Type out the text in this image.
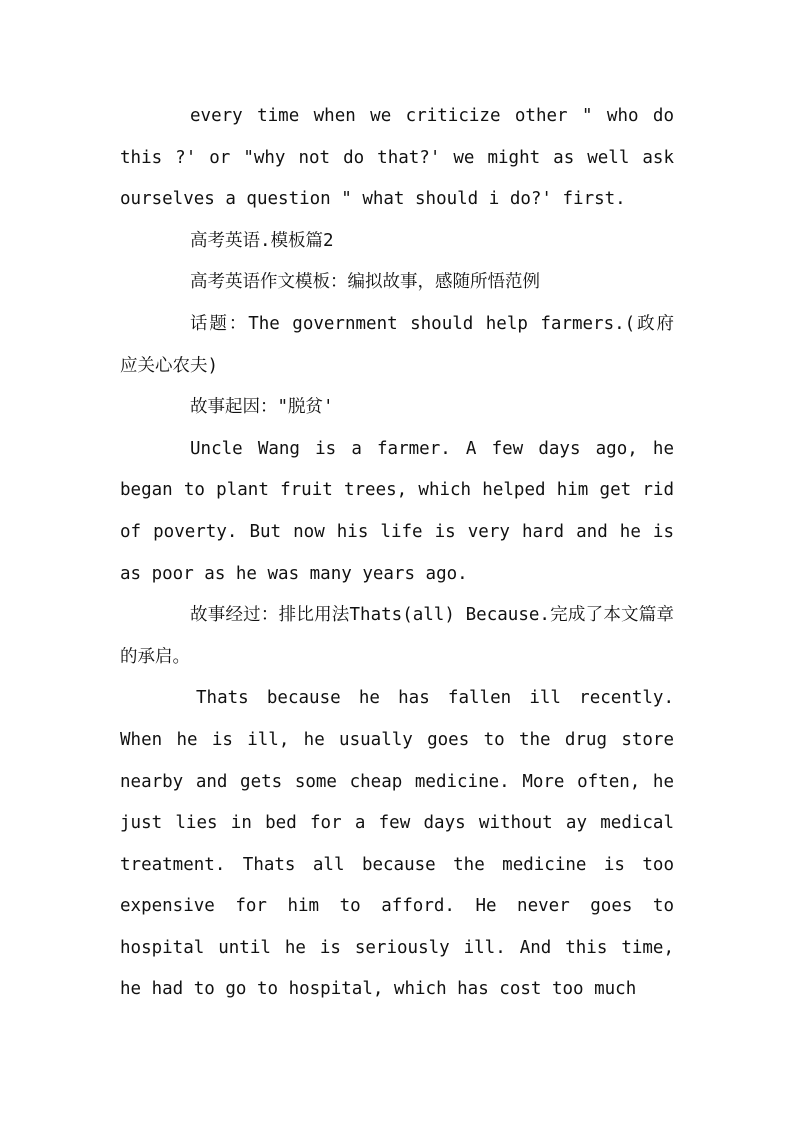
every time when we criticize other " who do this ?' or "why not do that?' we might as well ask ourselves a question " what should i do?' first.

高考英语.模板篇2

高考英语作文模板：编拟故事，感随所悟范例

话题：The government should help farmers.(政府应关心农夫)

故事起因："脱贫'

Uncle Wang is a farmer. A few days ago, he began to plant fruit trees, which helped him get rid of poverty. But now his life is very hard and he is as poor as he was many years ago.

故事经过：排比用法Thats(all) Because.完成了本文篇章的承启。

Thats because he has fallen ill recently. When he is ill, he usually goes to the drug store nearby and gets some cheap medicine. More often, he just lies in bed for a few days without ay medical treatment. Thats all because the medicine is too expensive for him to afford. He never goes to hospital until he is seriously ill. And this time, he had to go to hospital, which has cost too much
